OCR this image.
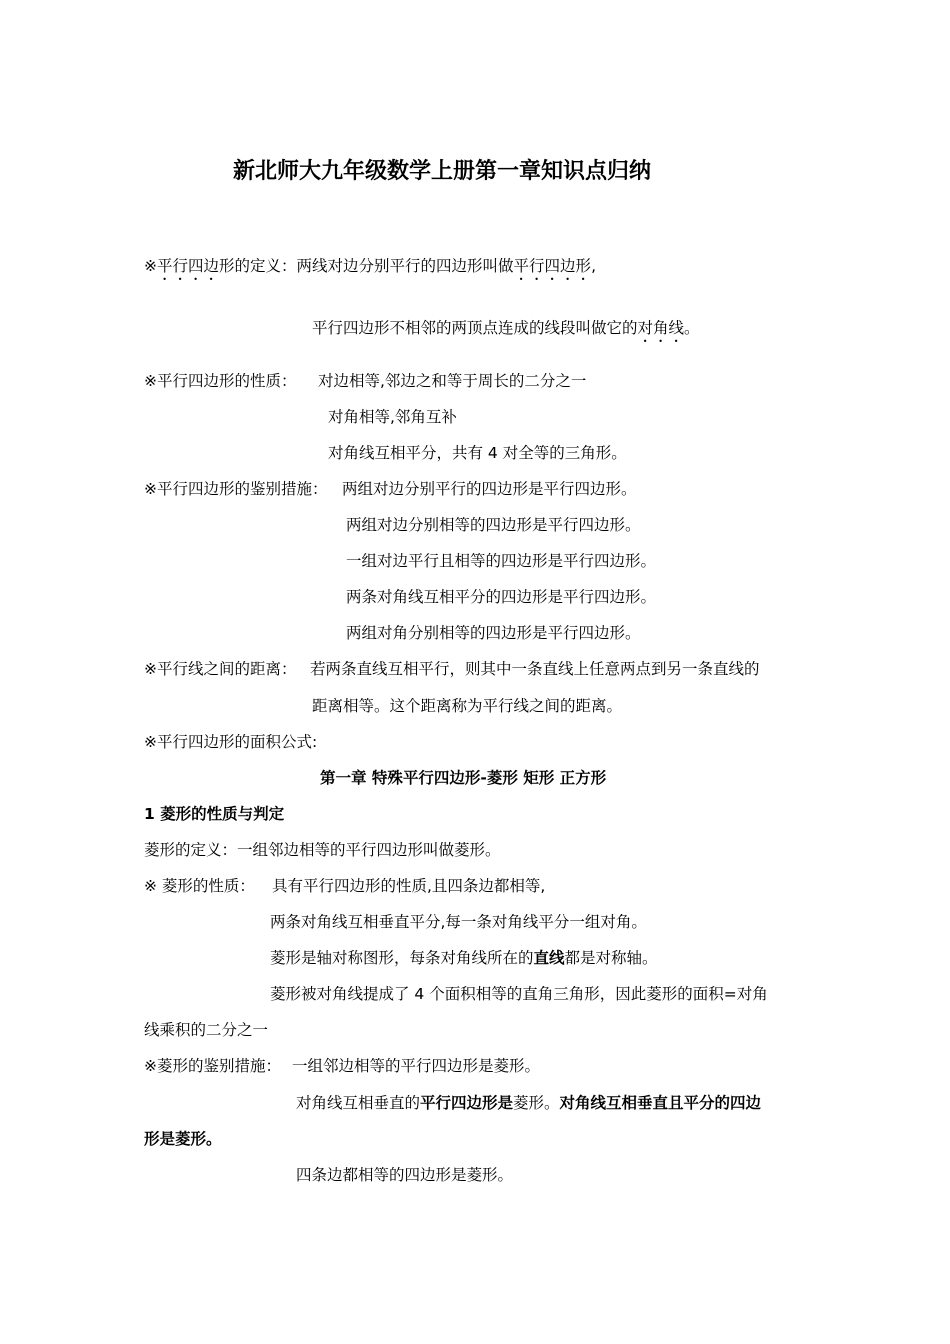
新北师大九年级数学上册第一章知识点归纳
※平行四边形的定义：两线对边分别平行的四边形叫做平行四边形,
平行四边形不相邻的两顶点连成的线段叫做它的对角线。
※平行四边形的性质： 对边相等,邻边之和等于周长的二分之一
对角相等,邻角互补
对角线互相平分，共有 4 对全等的三角形。
※平行四边形的鉴别措施： 两组对边分别平行的四边形是平行四边形。
两组对边分别相等的四边形是平行四边形。
一组对边平行且相等的四边形是平行四边形。
两条对角线互相平分的四边形是平行四边形。
两组对角分别相等的四边形是平行四边形。
※平行线之间的距离： 若两条直线互相平行，则其中一条直线上任意两点到另一条直线的
距离相等。这个距离称为平行线之间的距离。
※平行四边形的面积公式:
第一章 特殊平行四边形-菱形 矩形 正方形
1 菱形的性质与判定
菱形的定义：一组邻边相等的平行四边形叫做菱形。
※ 菱形的性质： 具有平行四边形的性质,且四条边都相等,
两条对角线互相垂直平分,每一条对角线平分一组对角。
菱形是轴对称图形，每条对角线所在的直线都是对称轴。
菱形被对角线提成了 4 个面积相等的直角三角形，因此菱形的面积=对角
线乘积的二分之一
※菱形的鉴别措施： 一组邻边相等的平行四边形是菱形。
对角线互相垂直的平行四边形是菱形。对角线互相垂直且平分的四边
形是菱形。
四条边都相等的四边形是菱形。
